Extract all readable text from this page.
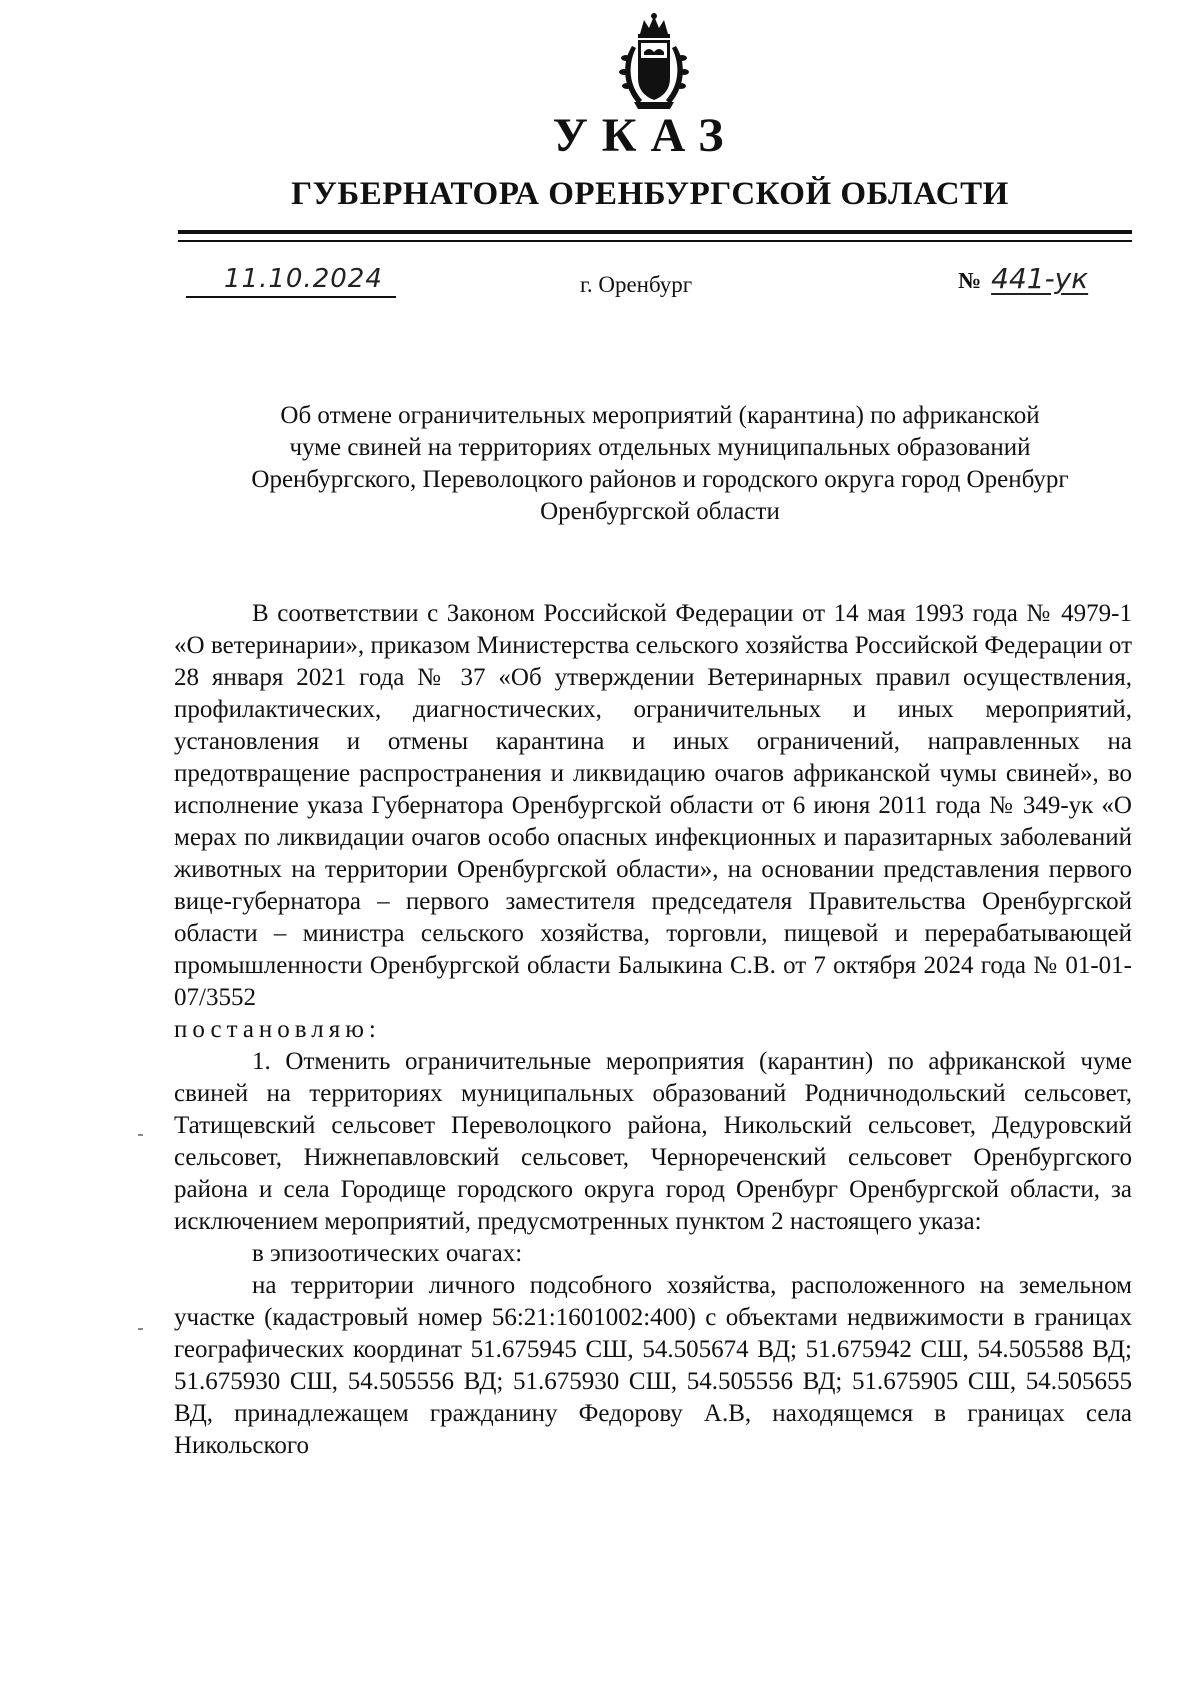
УКАЗ
ГУБЕРНАТОРА ОРЕНБУРГСКОЙ ОБЛАСТИ
11.10.2024	г. Оренбург	№ 441-ук
Об отмене ограничительных мероприятий (карантина) по африканской
чуме свиней на территориях отдельных муниципальных образований
Оренбургского, Переволоцкого районов и городского округа город Оренбург
Оренбургской области

В соответствии с Законом Российской Федерации от 14 мая 1993 года № 4979-1 «О ветеринарии», приказом Министерства сельского хозяйства Российской Федерации от 28 января 2021 года № 37 «Об утверждении Ветеринарных правил осуществления, профилактических, диагностических, ограничительных и иных мероприятий, установления и отмены карантина и иных ограничений, направленных на предотвращение распространения и ликвидацию очагов африканской чумы свиней», во исполнение указа Губернатора Оренбургской области от 6 июня 2011 года № 349-ук «О мерах по ликвидации очагов особо опасных инфекционных и паразитарных заболеваний животных на территории Оренбургской области», на основании представления первого вице-губернатора – первого заместителя председателя Правительства Оренбургской области – министра сельского хозяйства, торговли, пищевой и перерабатывающей промышленности Оренбургской области Балыкина С.В. от 7 октября 2024 года № 01-01-07/3552

постановляю:

1. Отменить ограничительные мероприятия (карантин) по африканской чуме свиней на территориях муниципальных образований Родничнодольский сельсовет, Татищевский сельсовет Переволоцкого района, Никольский сельсовет, Дедуровский сельсовет, Нижнепавловский сельсовет, Чернореченский сельсовет Оренбургского района и села Городище городского округа город Оренбург Оренбургской области, за исключением мероприятий, предусмотренных пунктом 2 настоящего указа:

в эпизоотических очагах:

на территории личного подсобного хозяйства, расположенного на земельном участке (кадастровый номер 56:21:1601002:400) с объектами недвижимости в границах географических координат 51.675945 СШ, 54.505674 ВД; 51.675942 СШ, 54.505588 ВД; 51.675930 СШ, 54.505556 ВД; 51.675930 СШ, 54.505556 ВД; 51.675905 СШ, 54.505655 ВД, принадлежащем гражданину Федорову А.В, находящемся в границах села Никольского
